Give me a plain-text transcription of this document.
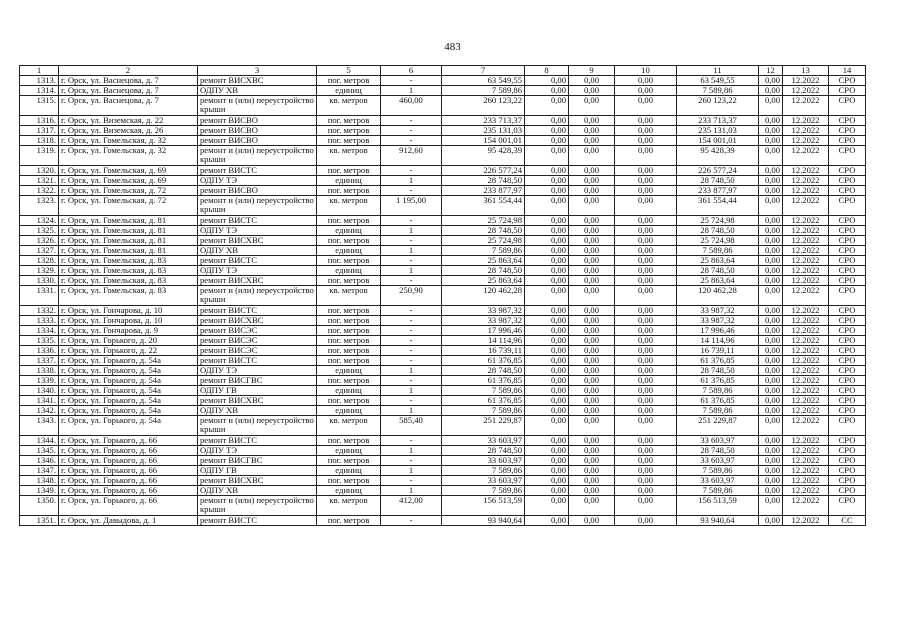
483
1	2	3	5	6	7	8	9	10	11	12	13	14
1313.	г. Орск, ул. Васнецова, д. 7	ремонт ВИСХВС	пог. метров	-	63 549,55	0,00	0,00	0,00	63 549,55	0,00	12.2022	СРО
1314.	г. Орск, ул. Васнецова, д. 7	ОДПУ ХВ	единиц	1	7 589,86	0,00	0,00	0,00	7 589,86	0,00	12.2022	СРО
1315.	г. Орск, ул. Васнецова, д. 7	ремонт и (или) переустройство крыши	кв. метров	460,00	260 123,22	0,00	0,00	0,00	260 123,22	0,00	12.2022	СРО
1316.	г. Орск, ул. Виземская, д. 22	ремонт ВИСВО	пог. метров	-	233 713,37	0,00	0,00	0,00	233 713,37	0,00	12.2022	СРО
1317.	г. Орск, ул. Виземская, д. 26	ремонт ВИСВО	пог. метров	-	235 131,03	0,00	0,00	0,00	235 131,03	0,00	12.2022	СРО
1318.	г. Орск, ул. Гомельская, д. 32	ремонт ВИСВО	пог. метров	-	154 001,01	0,00	0,00	0,00	154 001,01	0,00	12.2022	СРО
1319.	г. Орск, ул. Гомельская, д. 32	ремонт и (или) переустройство крыши	кв. метров	912,60	95 428,39	0,00	0,00	0,00	95 428,39	0,00	12.2022	СРО
1320.	г. Орск, ул. Гомельская, д. 69	ремонт ВИСТС	пог. метров	-	226 577,24	0,00	0,00	0,00	226 577,24	0,00	12.2022	СРО
1321.	г. Орск, ул. Гомельская, д. 69	ОДПУ ТЭ	единиц	1	28 748,50	0,00	0,00	0,00	28 748,50	0,00	12.2022	СРО
1322.	г. Орск, ул. Гомельская, д. 72	ремонт ВИСВО	пог. метров	-	233 877,97	0,00	0,00	0,00	233 877,97	0,00	12.2022	СРО
1323.	г. Орск, ул. Гомельская, д. 72	ремонт и (или) переустройство крыши	кв. метров	1 195,00	361 554,44	0,00	0,00	0,00	361 554,44	0,00	12.2022	СРО
1324.	г. Орск, ул. Гомельская, д. 81	ремонт ВИСТС	пог. метров	-	25 724,98	0,00	0,00	0,00	25 724,98	0,00	12.2022	СРО
1325.	г. Орск, ул. Гомельская, д. 81	ОДПУ ТЭ	единиц	1	28 748,50	0,00	0,00	0,00	28 748,50	0,00	12.2022	СРО
1326.	г. Орск, ул. Гомельская, д. 81	ремонт ВИСХВС	пог. метров	-	25 724,98	0,00	0,00	0,00	25 724,98	0,00	12.2022	СРО
1327.	г. Орск, ул. Гомельская, д. 81	ОДПУ ХВ	единиц	1	7 589,86	0,00	0,00	0,00	7 589,86	0,00	12.2022	СРО
1328.	г. Орск, ул. Гомельская, д. 83	ремонт ВИСТС	пог. метров	-	25 863,64	0,00	0,00	0,00	25 863,64	0,00	12.2022	СРО
1329.	г. Орск, ул. Гомельская, д. 83	ОДПУ ТЭ	единиц	1	28 748,50	0,00	0,00	0,00	28 748,50	0,00	12.2022	СРО
1330.	г. Орск, ул. Гомельская, д. 83	ремонт ВИСХВС	пог. метров	-	25 863,64	0,00	0,00	0,00	25 863,64	0,00	12.2022	СРО
1331.	г. Орск, ул. Гомельская, д. 83	ремонт и (или) переустройство крыши	кв. метров	250,90	120 462,28	0,00	0,00	0,00	120 462,28	0,00	12.2022	СРО
1332.	г. Орск, ул. Гончарова, д. 10	ремонт ВИСТС	пог. метров	-	33 987,32	0,00	0,00	0,00	33 987,32	0,00	12.2022	СРО
1333.	г. Орск, ул. Гончарова, д. 10	ремонт ВИСХВС	пог. метров	-	33 987,32	0,00	0,00	0,00	33 987,32	0,00	12.2022	СРО
1334.	г. Орск, ул. Гончарова, д. 9	ремонт ВИСЭС	пог. метров	-	17 996,46	0,00	0,00	0,00	17 996,46	0,00	12.2022	СРО
1335.	г. Орск, ул. Горького, д. 20	ремонт ВИСЭС	пог. метров	-	14 114,96	0,00	0,00	0,00	14 114,96	0,00	12.2022	СРО
1336.	г. Орск, ул. Горького, д. 22	ремонт ВИСЭС	пог. метров	-	16 739,11	0,00	0,00	0,00	16 739,11	0,00	12.2022	СРО
1337.	г. Орск, ул. Горького, д. 54а	ремонт ВИСТС	пог. метров	-	61 376,85	0,00	0,00	0,00	61 376,85	0,00	12.2022	СРО
1338.	г. Орск, ул. Горького, д. 54а	ОДПУ ТЭ	единиц	1	28 748,50	0,00	0,00	0,00	28 748,50	0,00	12.2022	СРО
1339.	г. Орск, ул. Горького, д. 54а	ремонт ВИСГВС	пог. метров	-	61 376,85	0,00	0,00	0,00	61 376,85	0,00	12.2022	СРО
1340.	г. Орск, ул. Горького, д. 54а	ОДПУ ГВ	единиц	1	7 589,86	0,00	0,00	0,00	7 589,86	0,00	12.2022	СРО
1341.	г. Орск, ул. Горького, д. 54а	ремонт ВИСХВС	пог. метров	-	61 376,85	0,00	0,00	0,00	61 376,85	0,00	12.2022	СРО
1342.	г. Орск, ул. Горького, д. 54а	ОДПУ ХВ	единиц	1	7 589,86	0,00	0,00	0,00	7 589,86	0,00	12.2022	СРО
1343.	г. Орск, ул. Горького, д. 54а	ремонт и (или) переустройство крыши	кв. метров	585,40	251 229,87	0,00	0,00	0,00	251 229,87	0,00	12.2022	СРО
1344.	г. Орск, ул. Горького, д. 66	ремонт ВИСТС	пог. метров	-	33 603,97	0,00	0,00	0,00	33 603,97	0,00	12.2022	СРО
1345.	г. Орск, ул. Горького, д. 66	ОДПУ ТЭ	единиц	1	28 748,50	0,00	0,00	0,00	28 748,50	0,00	12.2022	СРО
1346.	г. Орск, ул. Горького, д. 66	ремонт ВИСГВС	пог. метров	-	33 603,97	0,00	0,00	0,00	33 603,97	0,00	12.2022	СРО
1347.	г. Орск, ул. Горького, д. 66	ОДПУ ГВ	единиц	1	7 589,86	0,00	0,00	0,00	7 589,86	0,00	12.2022	СРО
1348.	г. Орск, ул. Горького, д. 66	ремонт ВИСХВС	пог. метров	-	33 603,97	0,00	0,00	0,00	33 603,97	0,00	12.2022	СРО
1349.	г. Орск, ул. Горького, д. 66	ОДПУ ХВ	единиц	1	7 589,86	0,00	0,00	0,00	7 589,86	0,00	12.2022	СРО
1350.	г. Орск, ул. Горького, д. 66	ремонт и (или) переустройство крыши	кв. метров	412,00	156 513,59	0,00	0,00	0,00	156 513,59	0,00	12.2022	СРО
1351.	г. Орск, ул. Давыдова, д. 1	ремонт ВИСТС	пог. метров	-	93 940,64	0,00	0,00	0,00	93 940,64	0,00	12.2022	СС
